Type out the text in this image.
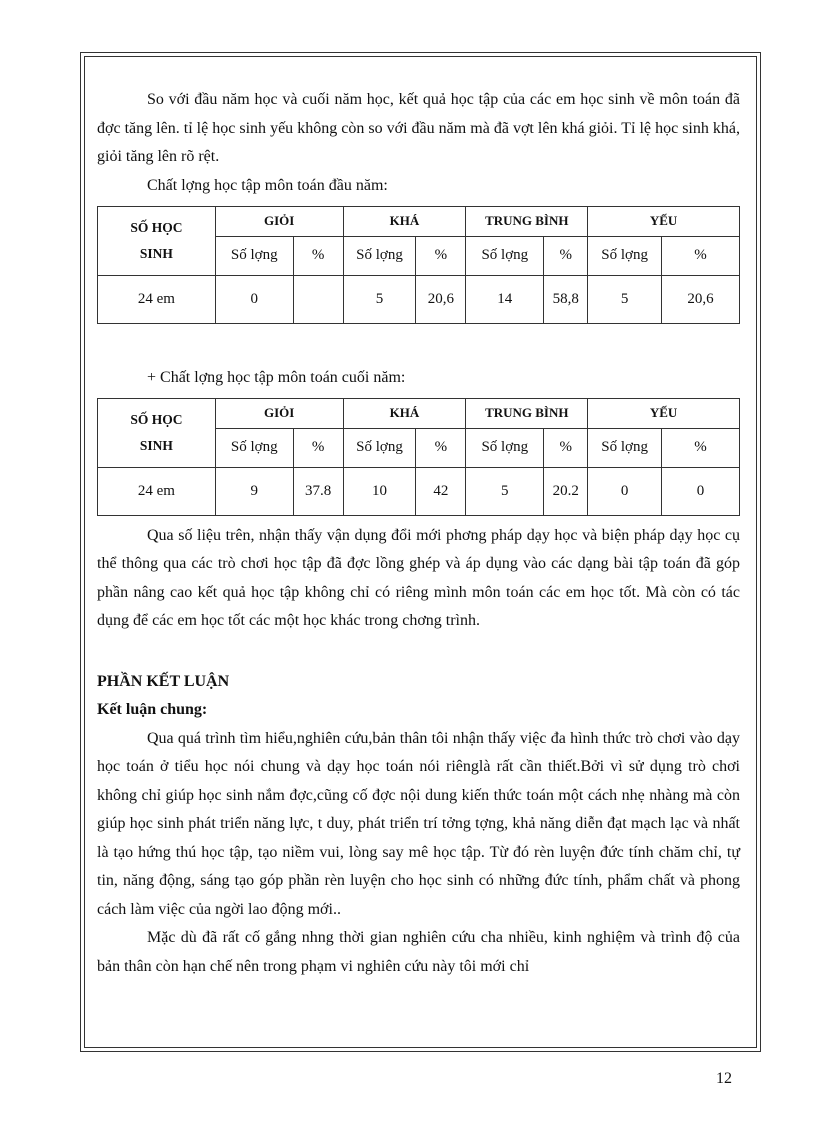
So với đầu năm học và cuối năm học, kết quả học tập của các em học sinh về môn toán đã đợc tăng lên. tỉ lệ học sinh yếu không còn so với đầu năm mà đã vợt lên khá giỏi. Tỉ lệ học sinh khá, giỏi tăng lên rõ rệt.

Chất lợng học tập môn toán đầu năm:

SỐ HỌC
SINH	GIỎI		KHÁ		TRUNG BÌNH		YẾU	
	Số lợng	%	Số lợng	%	Số lợng	%	Số lợng	%
24 em	0		5	20,6	14	58,8	5	20,6

+ Chất lợng học tập môn toán cuối năm:

SỐ HỌC
SINH	GIỎI		KHÁ		TRUNG BÌNH		YẾU	
	Số lợng	%	Số lợng	%	Số lợng	%	Số lợng	%
24 em	9	37.8	10	42	5	20.2	0	0

Qua số liệu trên, nhận thấy vận dụng đổi mới phơng pháp dạy học và biện pháp dạy học cụ thể thông qua các trò chơi học tập đã đợc lồng ghép và áp dụng vào các dạng bài tập toán đã góp phần nâng cao kết quả học tập không chỉ có riêng mình môn toán các em học tốt. Mà còn có tác dụng để các em học tốt các một học khác trong chơng trình.

PHẦN KẾT LUẬN

Kết luận chung:

Qua quá trình tìm hiểu,nghiên cứu,bản thân tôi nhận thấy việc đa hình thức trò chơi vào dạy học toán ở tiểu học nói chung và dạy học toán nói riênglà rất cần thiết.Bởi vì sử dụng trò chơi không chỉ giúp học sinh nắm đợc,cũng cố đợc nội dung kiến thức toán một cách nhẹ nhàng mà còn giúp học sinh phát triển năng lực, t duy, phát triển trí tởng tợng, khả năng diễn đạt mạch lạc và nhất là tạo hứng thú học tập, tạo niềm vui, lòng say mê học tập. Từ đó rèn luyện đức tính chăm chỉ, tự tin, năng động, sáng tạo góp phần rèn luyện cho học sinh có những đức tính, phẩm chất và phong cách làm việc của ngời lao động mới..

Mặc dù đã rất cố gắng nhng thời gian nghiên cứu cha nhiều, kinh nghiệm và trình độ của bản thân còn hạn chế nên trong phạm vi nghiên cứu này tôi mới chỉ

12
